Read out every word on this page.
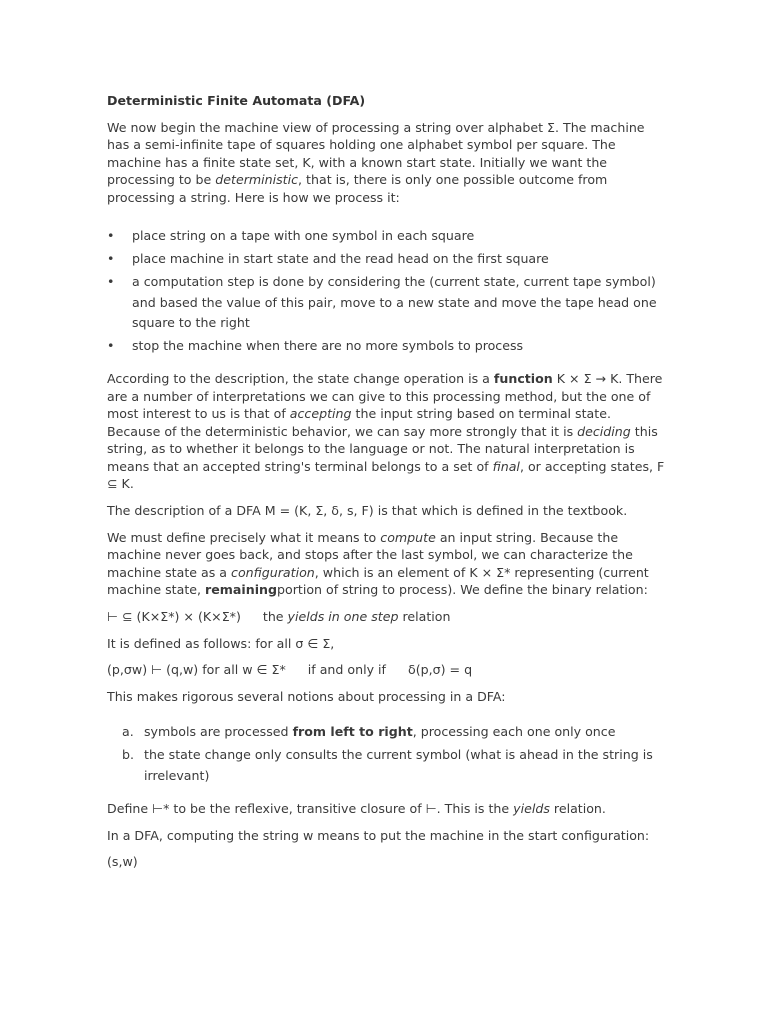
Deterministic Finite Automata (DFA)

We now begin the machine view of processing a string over alphabet Σ. The machine has a semi-infinite tape of squares holding one alphabet symbol per square. The machine has a finite state set, K, with a known start state. Initially we want the processing to be deterministic, that is, there is only one possible outcome from processing a string. Here is how we process it:

• place string on a tape with one symbol in each square
• place machine in start state and the read head on the first square
• a computation step is done by considering the (current state, current tape symbol) and based the value of this pair, move to a new state and move the tape head one square to the right
• stop the machine when there are no more symbols to process

According to the description, the state change operation is a function K × Σ → K. There are a number of interpretations we can give to this processing method, but the one of most interest to us is that of accepting the input string based on terminal state. Because of the deterministic behavior, we can say more strongly that it is deciding this string, as to whether it belongs to the language or not. The natural interpretation is means that an accepted string's terminal belongs to a set of final, or accepting states, F ⊆ K.

The description of a DFA M = (K, Σ, δ, s, F) is that which is defined in the textbook.

We must define precisely what it means to compute an input string. Because the machine never goes back, and stops after the last symbol, we can characterize the machine state as a configuration, which is an element of K × Σ* representing (current machine state, remainingportion of string to process). We define the binary relation:

⊢ ⊆ (K×Σ*) × (K×Σ*) the yields in one step relation

It is defined as follows: for all σ ∈ Σ,

(p,σw) ⊢ (q,w) for all w ∈ Σ* if and only if δ(p,σ) = q

This makes rigorous several notions about processing in a DFA:

a. symbols are processed from left to right, processing each one only once
b. the state change only consults the current symbol (what is ahead in the string is irrelevant)

Define ⊢* to be the reflexive, transitive closure of ⊢. This is the yields relation.

In a DFA, computing the string w means to put the machine in the start configuration:

(s,w)
